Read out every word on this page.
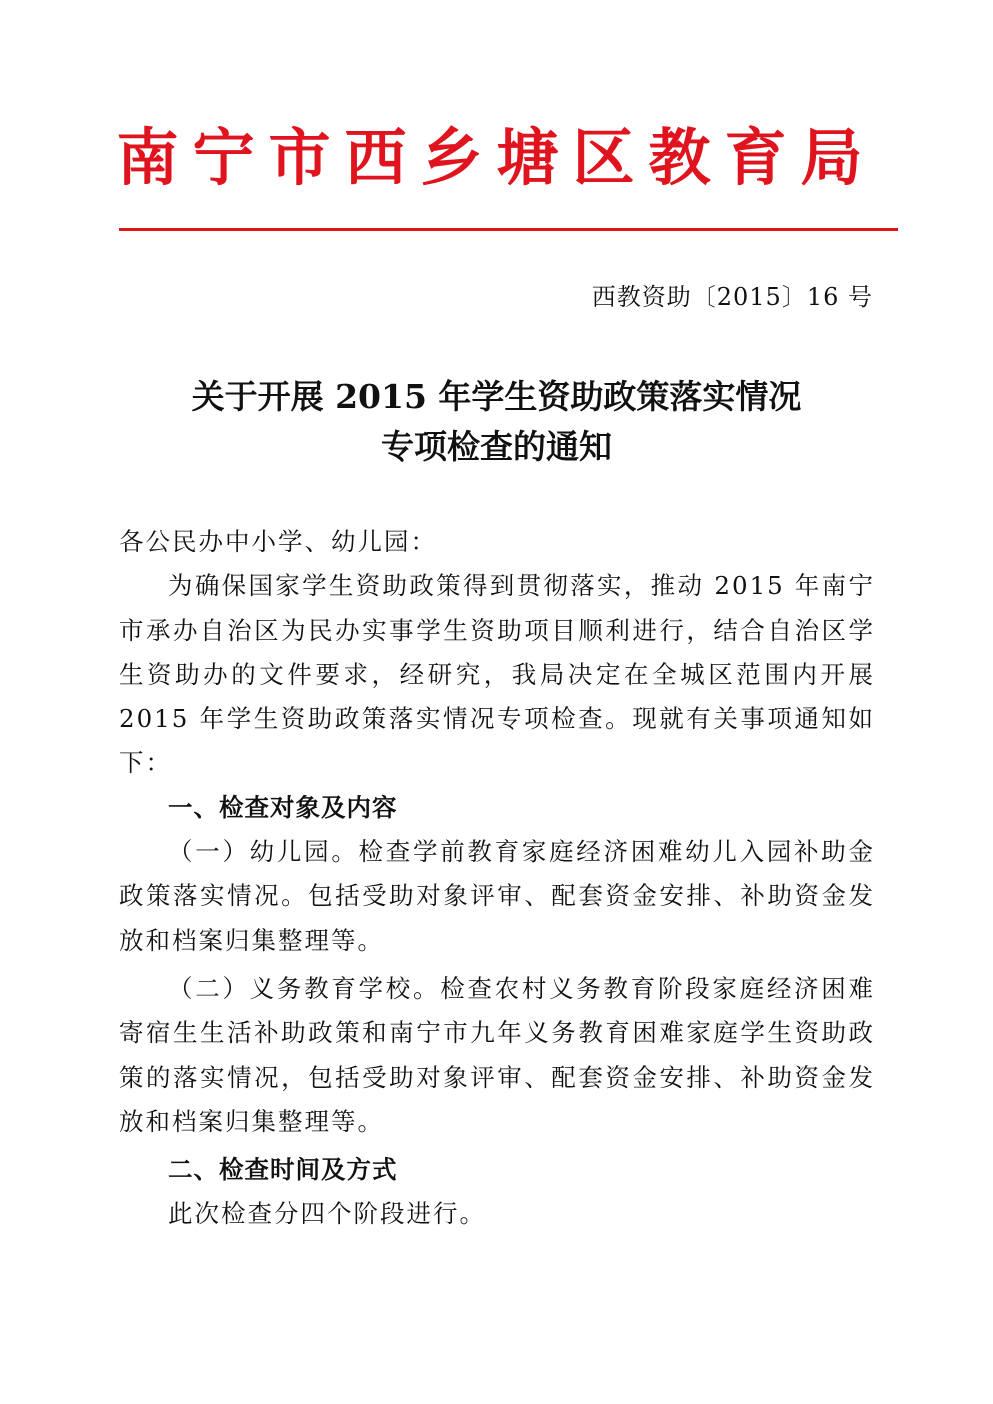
南宁市西乡塘区教育局
西教资助〔2015〕16 号
关于开展 2015 年学生资助政策落实情况
专项检查的通知

各公民办中小学、幼儿园：

为确保国家学生资助政策得到贯彻落实，推动 2015 年南宁市承办自治区为民办实事学生资助项目顺利进行，结合自治区学生资助办的文件要求，经研究，我局决定在全城区范围内开展 2015 年学生资助政策落实情况专项检查。现就有关事项通知如下：

一、检查对象及内容

（一）幼儿园。检查学前教育家庭经济困难幼儿入园补助金政策落实情况。包括受助对象评审、配套资金安排、补助资金发放和档案归集整理等。

（二）义务教育学校。检查农村义务教育阶段家庭经济困难寄宿生生活补助政策和南宁市九年义务教育困难家庭学生资助政策的落实情况，包括受助对象评审、配套资金安排、补助资金发放和档案归集整理等。

二、检查时间及方式

此次检查分四个阶段进行。
